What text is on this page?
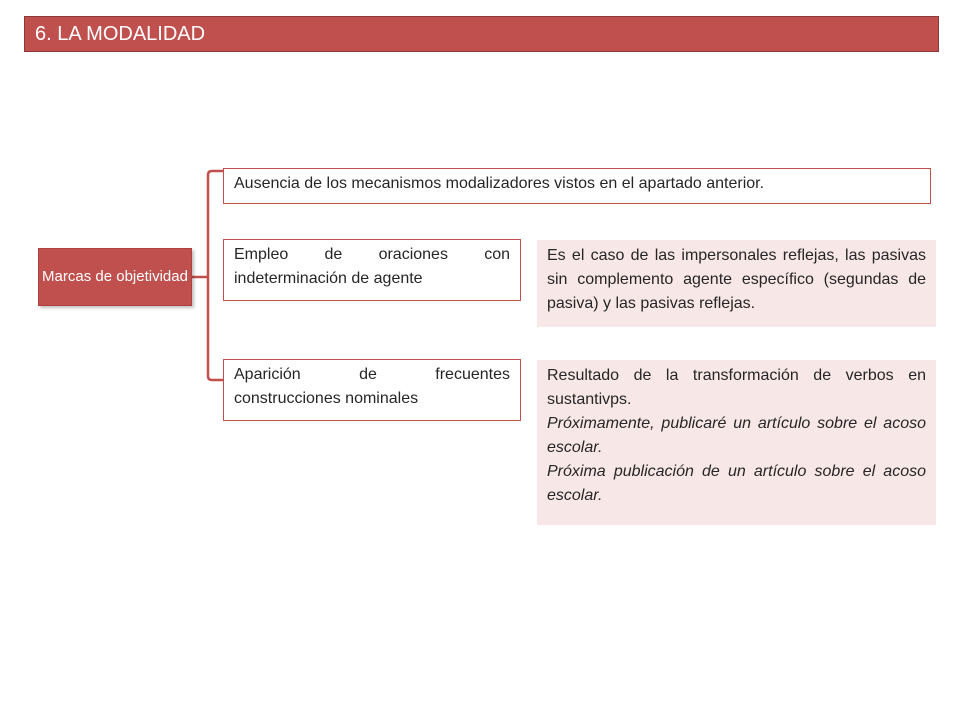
6. LA MODALIDAD
Marcas de objetividad
Ausencia de los mecanismos modalizadores vistos en el apartado anterior.
Empleo de oraciones con indeterminación de agente
Aparición de frecuentes construcciones nominales

Es el caso de las impersonales reflejas, las pasivas sin complemento agente específico (segundas de pasiva) y las pasivas reflejas.

Resultado de la transformación de verbos en sustantivps.

Próximamente, publicaré un artículo sobre el acoso escolar.

Próxima publicación de un artículo sobre el acoso escolar.
